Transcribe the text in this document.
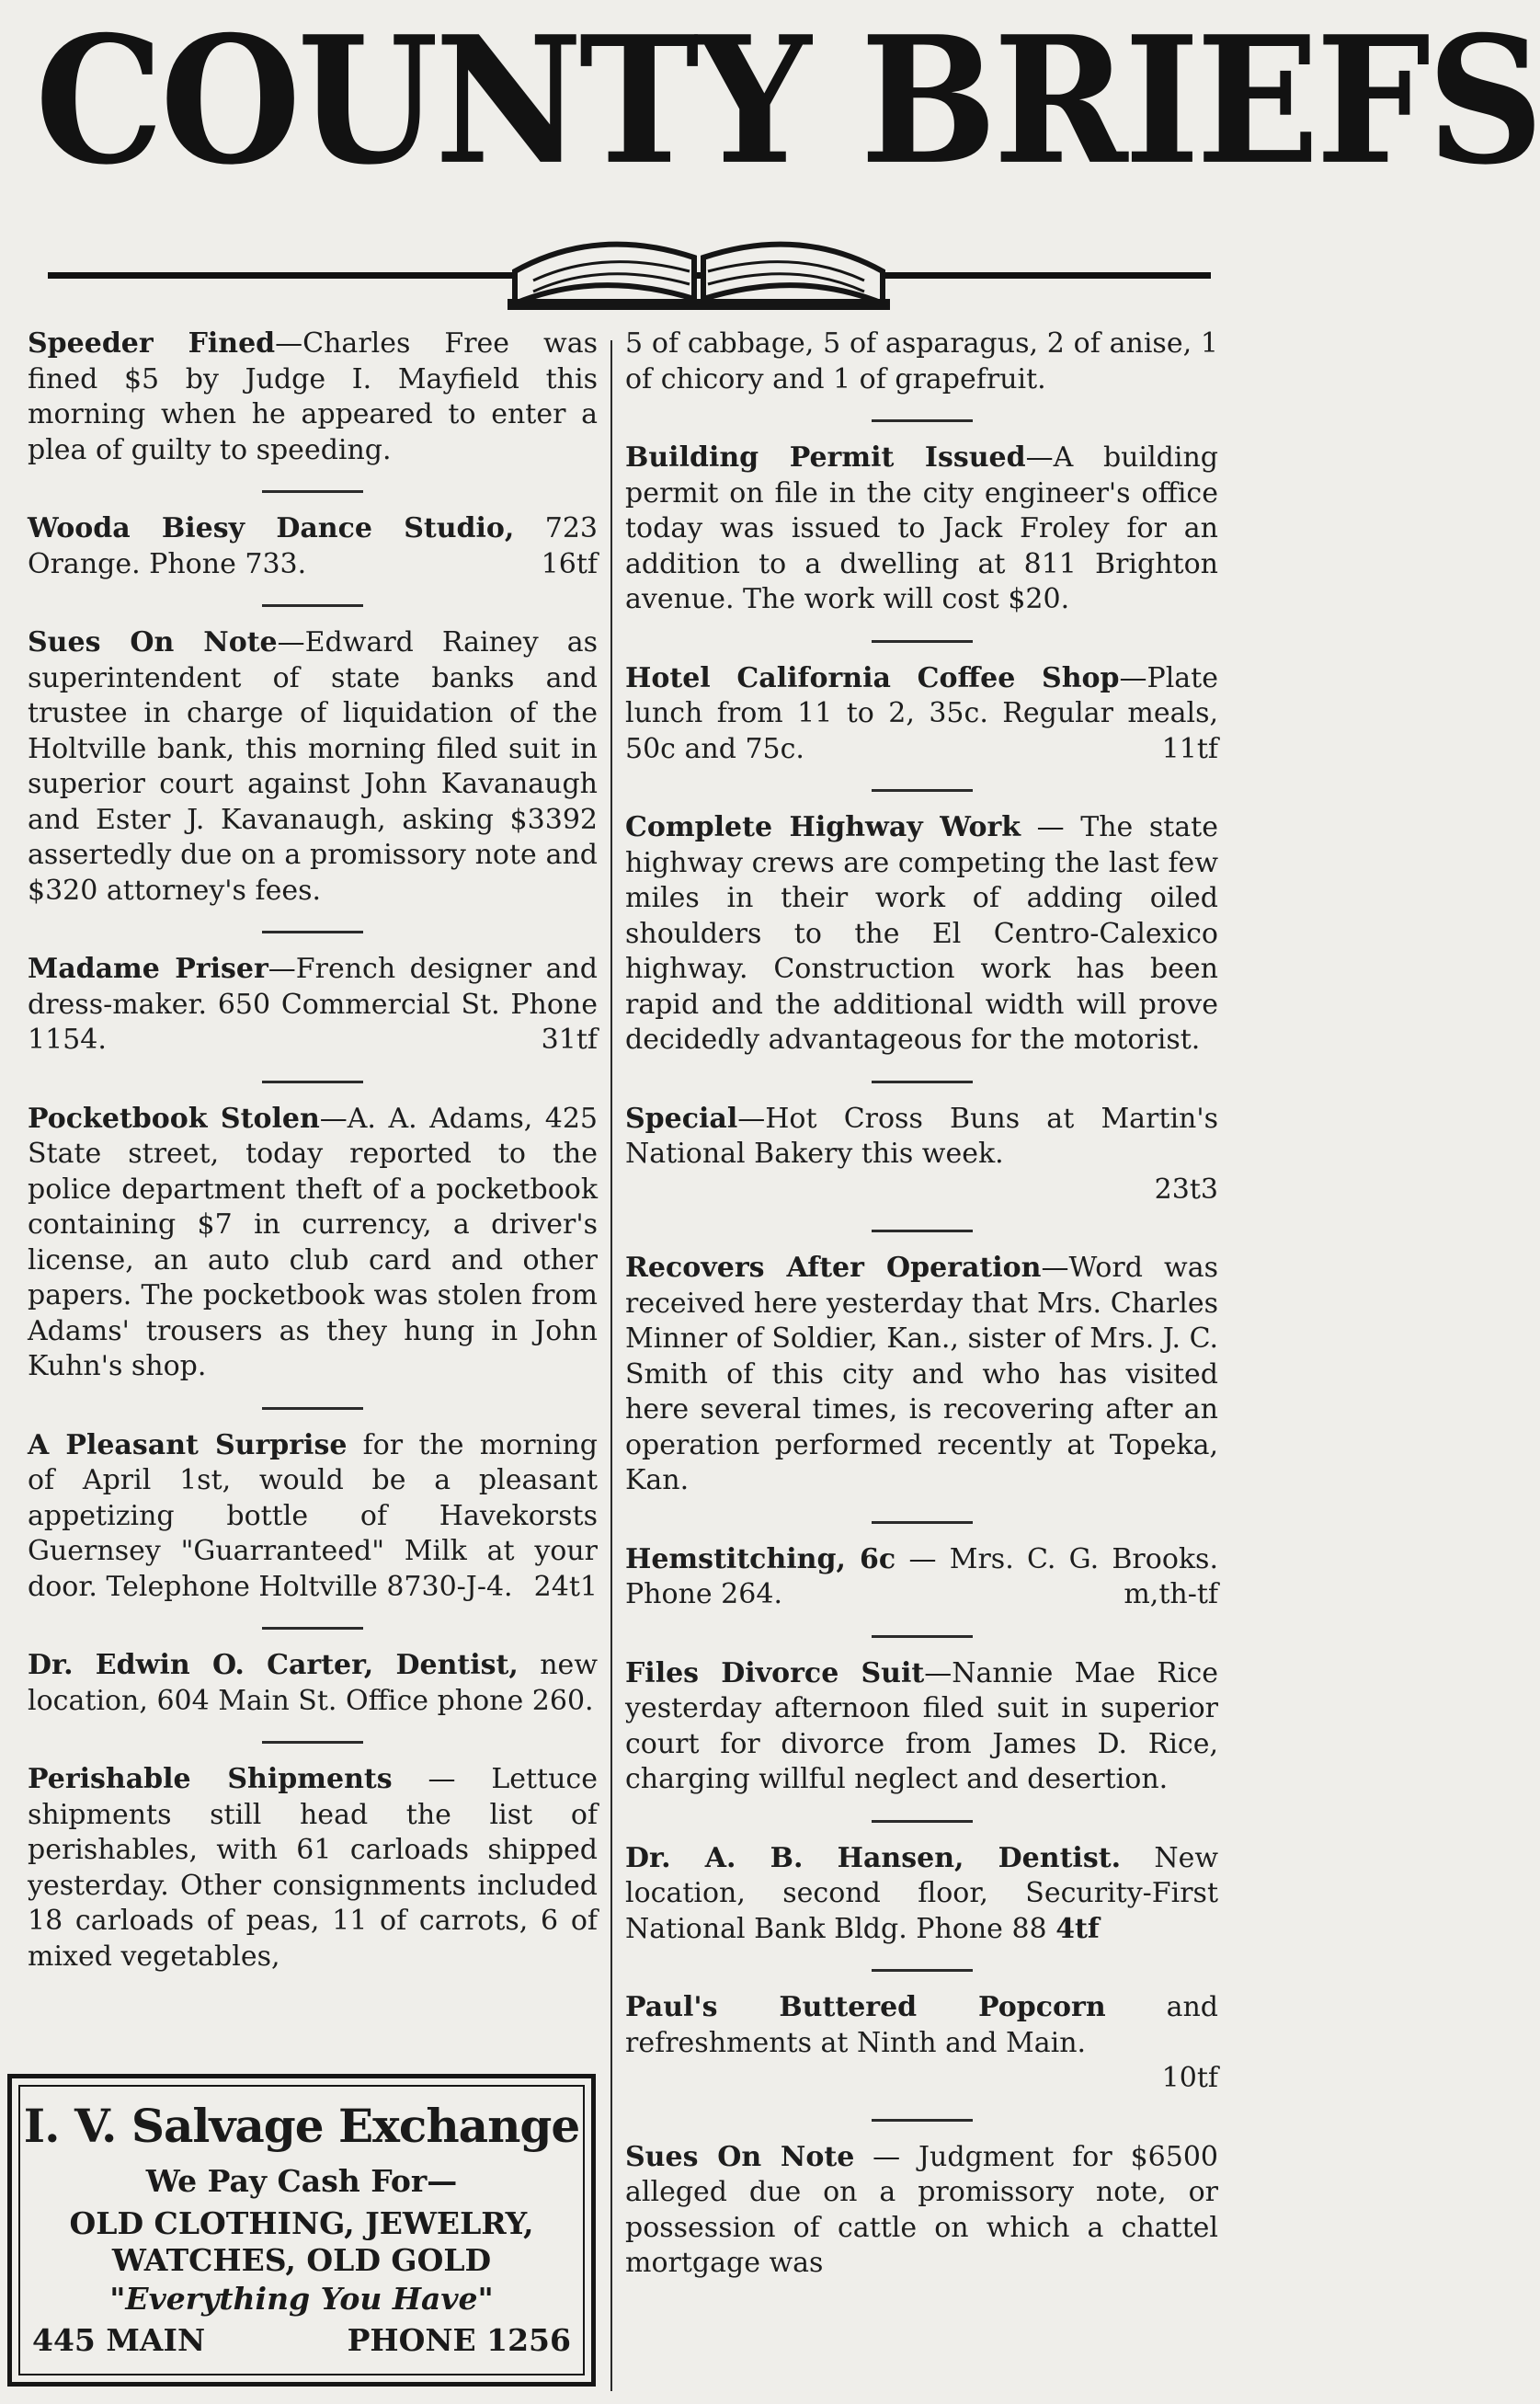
COUNTY BRIEFS

Speeder Fined—Charles Free was fined $5 by Judge I. Mayfield this morning when he appeared to enter a plea of guilty to speeding.

Wooda Biesy Dance Studio, 723 Orange. Phone 733.	16tf

Sues On Note—Edward Rainey as superintendent of state banks and trustee in charge of liquidation of the Holtville bank, this morning filed suit in superior court against John Kavanaugh and Ester J. Kavanaugh, asking $3392 assertedly due on a promissory note and $320 attorney's fees.

Madame Priser—French designer and dress-maker. 650 Commercial St. Phone 1154.	31tf

Pocketbook Stolen—A. A. Adams, 425 State street, today reported to the police department theft of a pocketbook containing $7 in currency, a driver's license, an auto club card and other papers. The pocketbook was stolen from Adams' trousers as they hung in John Kuhn's shop.

A Pleasant Surprise for the morning of April 1st, would be a pleasant appetizing bottle of Havekorsts Guernsey "Guarranteed" Milk at your door. Telephone Holtville 8730-J-4. 24t1

Dr. Edwin O. Carter, Dentist, new location, 604 Main St. Office phone 260.

Perishable Shipments — Lettuce shipments still head the list of perishables, with 61 carloads shipped yesterday. Other consignments included 18 carloads of peas, 11 of carrots, 6 of mixed vegetables,

5 of cabbage, 5 of asparagus, 2 of anise, 1 of chicory and 1 of grapefruit.

Building Permit Issued—A building permit on file in the city engineer's office today was issued to Jack Froley for an addition to a dwelling at 811 Brighton avenue. The work will cost $20.

Hotel California Coffee Shop—Plate lunch from 11 to 2, 35c. Regular meals, 50c and 75c.	11tf

Complete Highway Work — The state highway crews are competing the last few miles in their work of adding oiled shoulders to the El Centro-Calexico highway. Construction work has been rapid and the additional width will prove decidedly advantageous for the motorist.

Special—Hot Cross Buns at Martin's National Bakery this week.
23t3

Recovers After Operation—Word was received here yesterday that Mrs. Charles Minner of Soldier, Kan., sister of Mrs. J. C. Smith of this city and who has visited here several times, is recovering after an operation performed recently at Topeka, Kan.

Hemstitching, 6c — Mrs. C. G. Brooks. Phone 264.	m,th-tf

Files Divorce Suit—Nannie Mae Rice yesterday afternoon filed suit in superior court for divorce from James D. Rice, charging willful neglect and desertion.

Dr. A. B. Hansen, Dentist. New location, second floor, Security-First National Bank Bldg. Phone 88 4tf

Paul's Buttered Popcorn and refreshments at Ninth and Main.
10tf

Sues On Note — Judgment for $6500 alleged due on a promissory note, or possession of cattle on which a chattel mortgage was

I. V. Salvage Exchange
We Pay Cash For—
OLD CLOTHING, JEWELRY,
WATCHES, OLD GOLD
"Everything You Have"
445 MAIN	PHONE 1256
